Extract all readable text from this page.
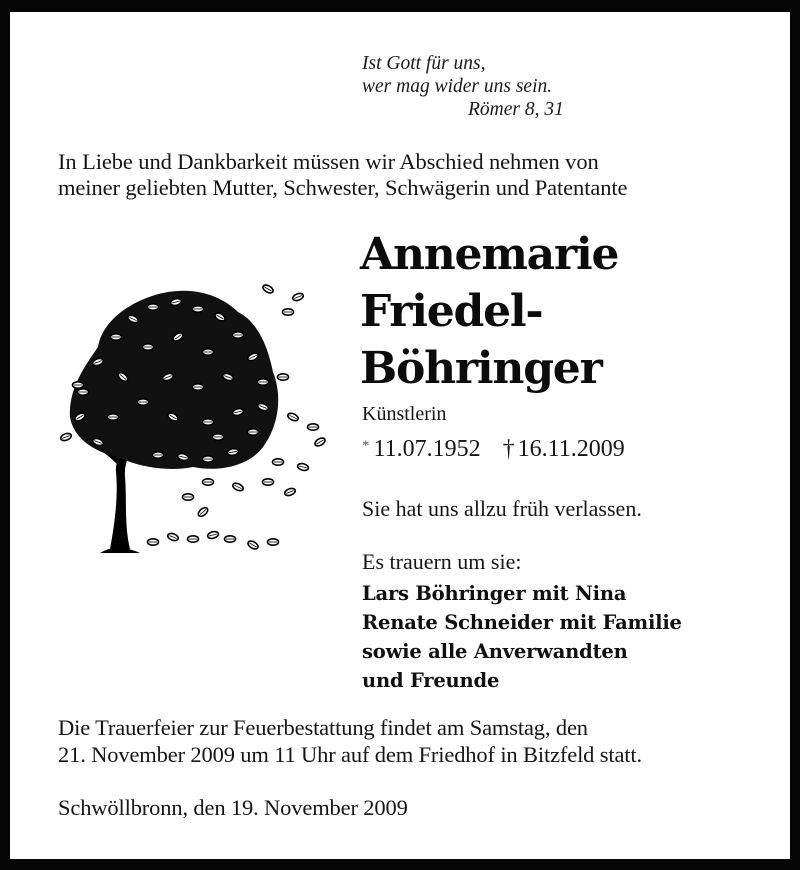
Ist Gott für uns,
wer mag wider uns sein.
Römer 8, 31
In Liebe und Dankbarkeit müssen wir Abschied nehmen von
meiner geliebten Mutter, Schwester, Schwägerin und Patentante
Annemarie
Friedel-
Böhringer
Künstlerin
* 11.07.1952 † 16.11.2009
Sie hat uns allzu früh verlassen.
Es trauern um sie:
Lars Böhringer mit Nina
Renate Schneider mit Familie
sowie alle Anverwandten
und Freunde
Die Trauerfeier zur Feuerbestattung findet am Samstag, den
21. November 2009 um 11 Uhr auf dem Friedhof in Bitzfeld statt.
Schwöllbronn, den 19. November 2009
